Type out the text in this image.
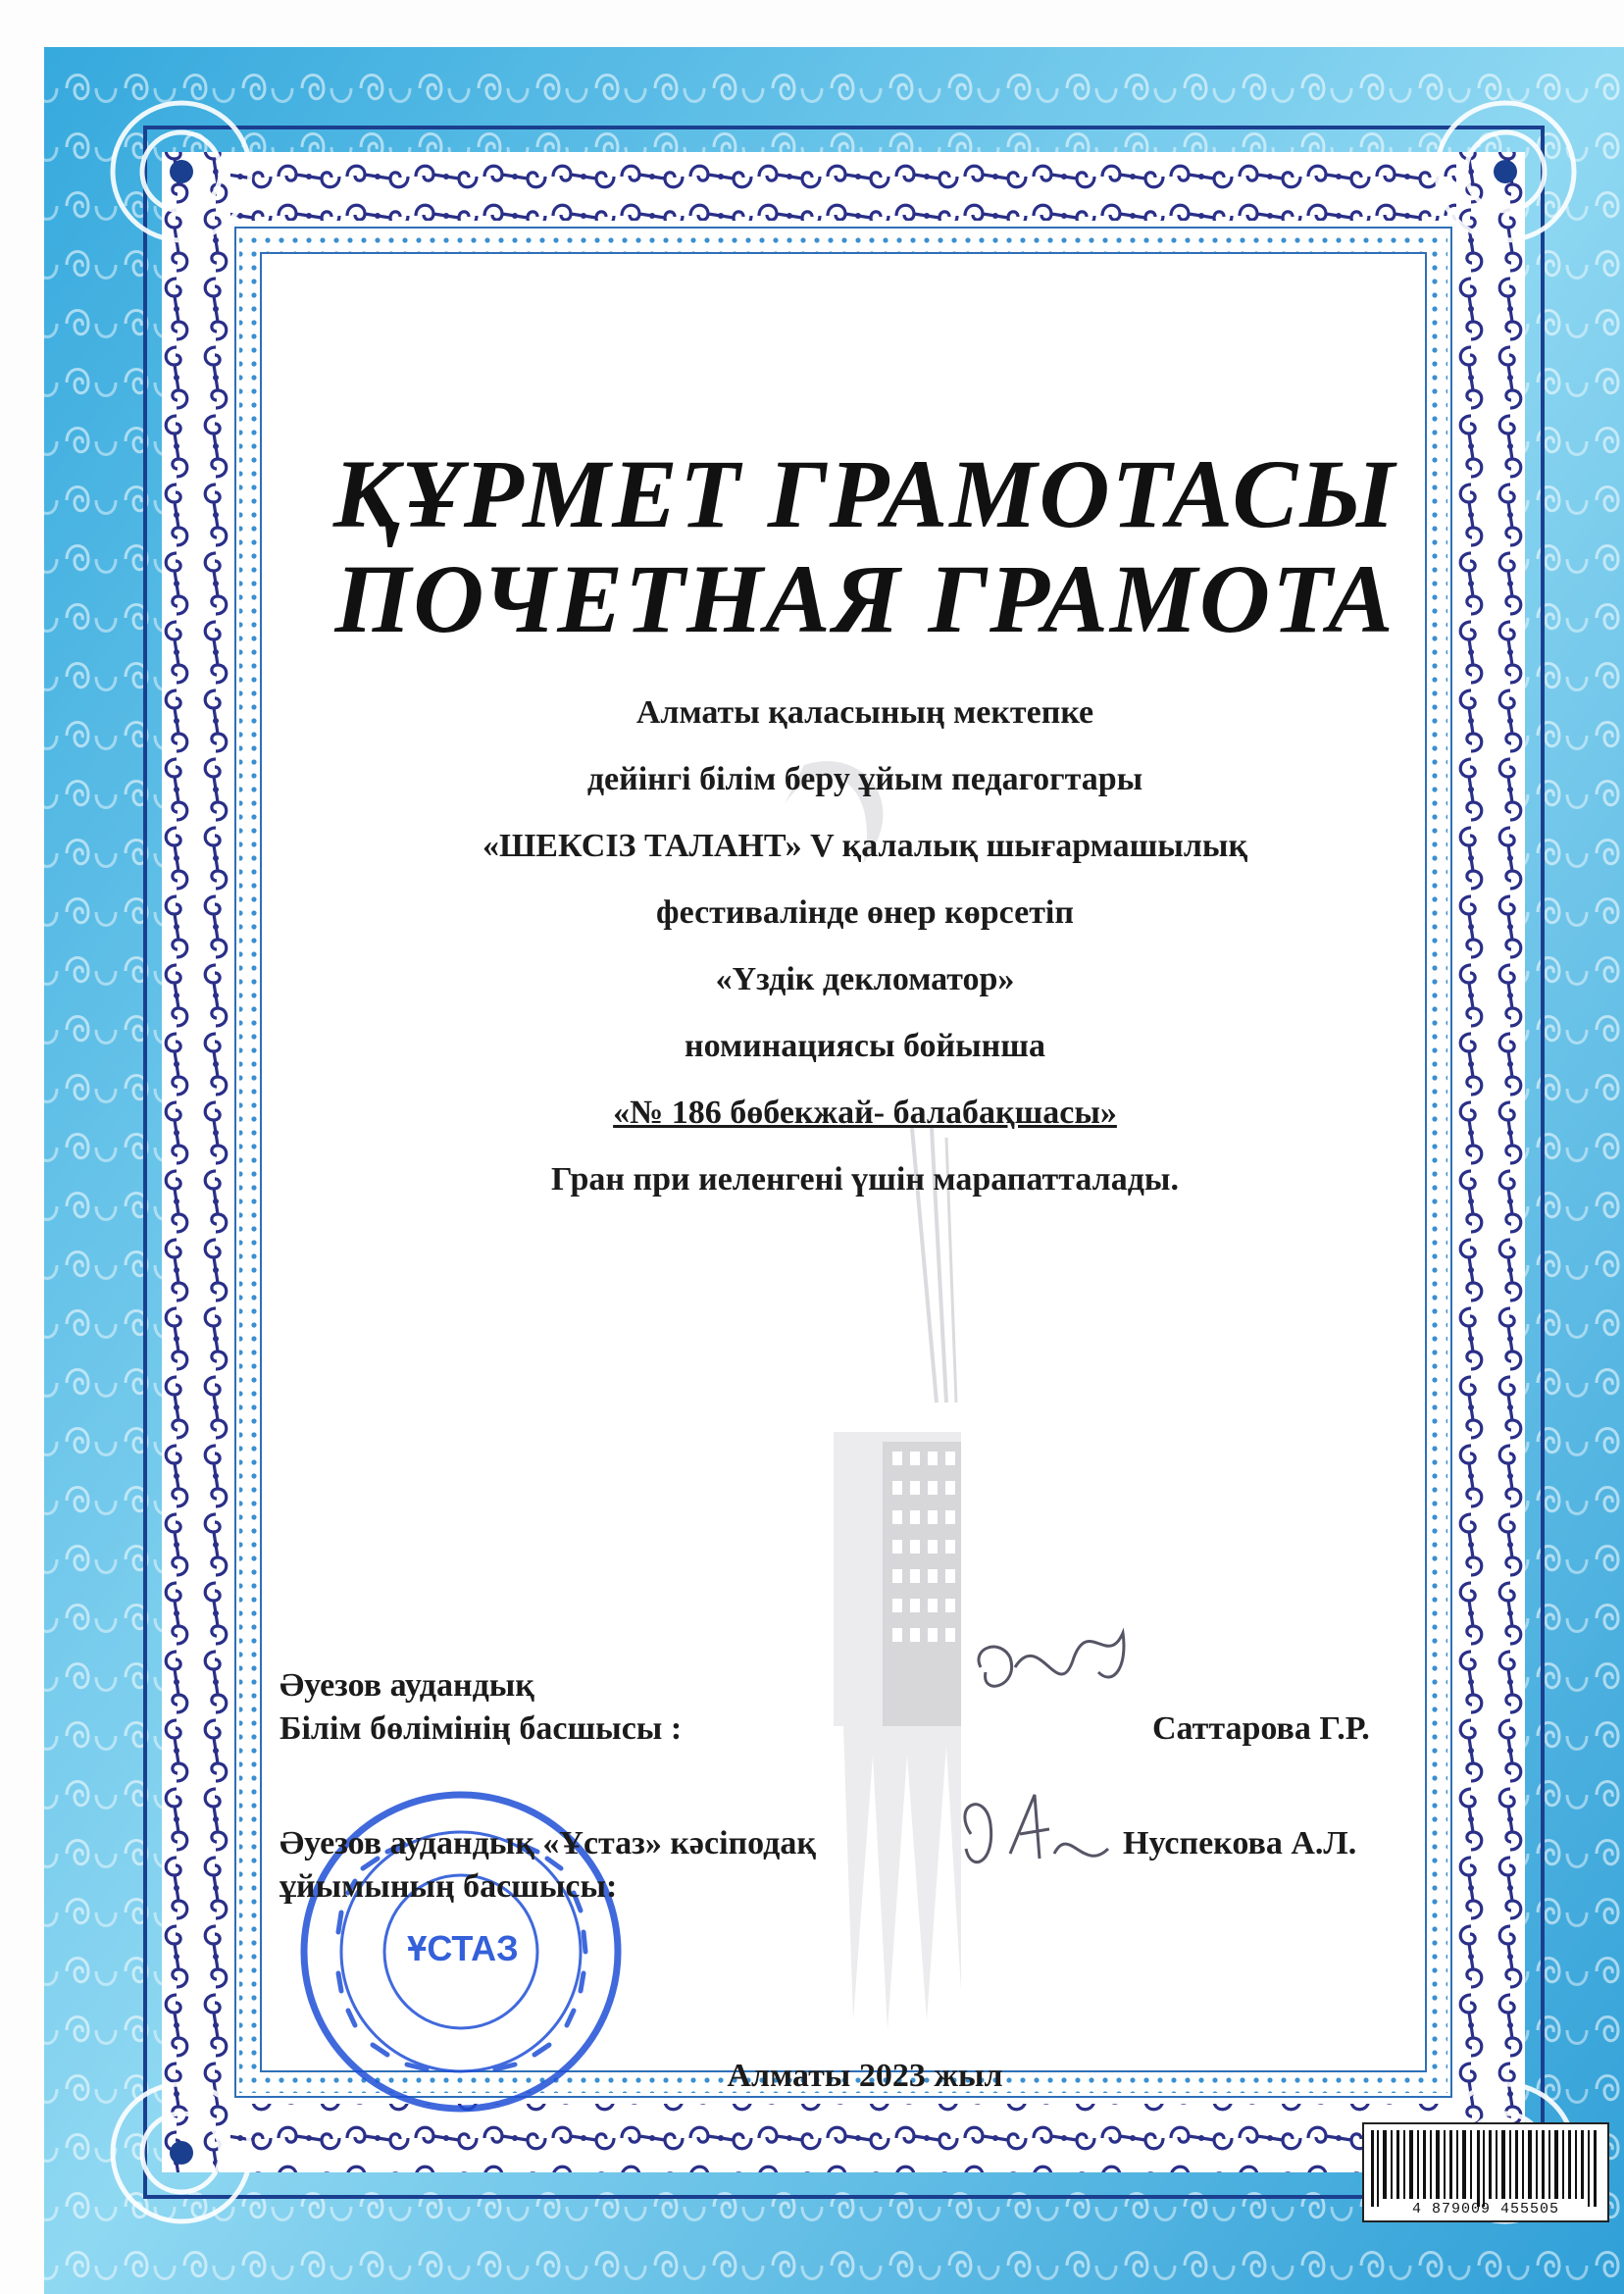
ҰСТАЗ
4 879009 455505
ҚҰРМЕТ ГРАМОТАСЫ
ПОЧЕТНАЯ ГРАМОТА
Алматы қаласының мектепке
дейінгі білім беру ұйым педагогтары
«ШЕКСІЗ ТАЛАНТ» V қалалық шығармашылық
фестивалінде өнер көрсетіп
«Үздік декломатор»
номинациясы бойынша
«№ 186 бөбекжай- балабақшасы»
Гран при иеленгені үшін марапатталады.
Әуезов аудандық
Білім бөлімінің басшысы :	Саттарова Г.Р.
Әуезов аудандық «Ұстаз» кәсіподақ
ұйымының басшысы:
Нуспекова А.Л.
Алматы 2023 жыл
